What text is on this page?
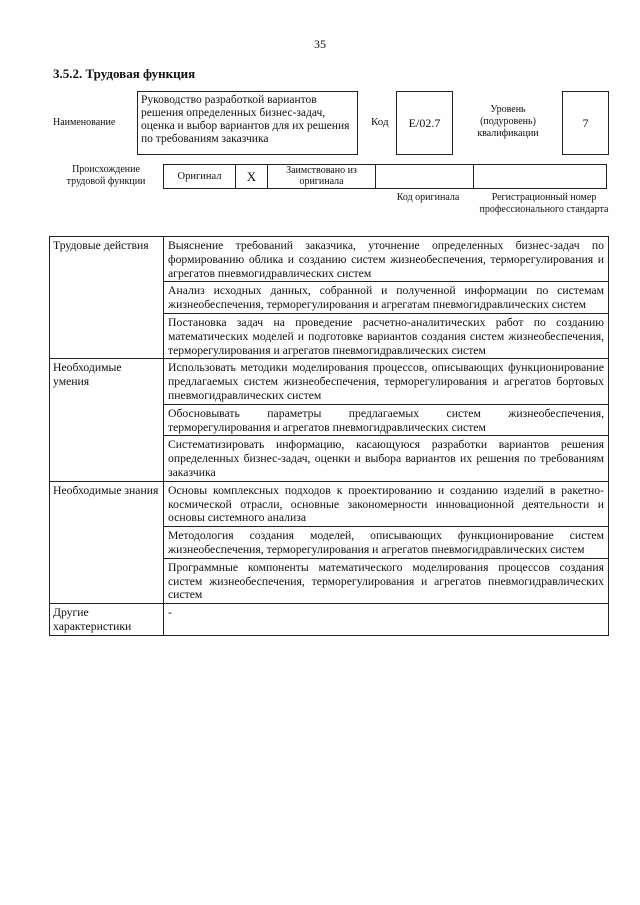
35
3.5.2. Трудовая функция
Наименование
Руководство разработкой вариантов решения определенных бизнес-задач, оценка и выбор вариантов для их решения по требованиям заказчика
Код E/02.7
Уровень (подуровень) квалификации
7
Происхождение трудовой функции	Оригинал X	Заимствовано из оригинала
Код оригинала	Регистрационный номер профессионального стандарта
Трудовые действия	Выяснение требований заказчика, уточнение определенных бизнес-задач по формированию облика и созданию систем жизнеобеспечения, терморегулирования и агрегатов пневмогидравлических систем
	Анализ исходных данных, собранной и полученной информации по системам жизнеобеспечения, терморегулирования и агрегатам пневмогидравлических систем
	Постановка задач на проведение расчетно-аналитических работ по созданию математических моделей и подготовке вариантов создания систем жизнеобеспечения, терморегулирования и агрегатов пневмогидравлических систем
Необходимые умения	Использовать методики моделирования процессов, описывающих функционирование предлагаемых систем жизнеобеспечения, терморегулирования и агрегатов бортовых пневмогидравлических систем
	Обосновывать параметры предлагаемых систем жизнеобеспечения, терморегулирования и агрегатов пневмогидравлических систем
	Систематизировать информацию, касающуюся разработки вариантов решения определенных бизнес-задач, оценки и выбора вариантов их решения по требованиям заказчика
Необходимые знания	Основы комплексных подходов к проектированию и созданию изделий в ракетно-космической отрасли, основные закономерности инновационной деятельности и основы системного анализа
	Методология создания моделей, описывающих функционирование систем жизнеобеспечения, терморегулирования и агрегатов пневмогидравлических систем
	Программные компоненты математического моделирования процессов создания систем жизнеобеспечения, терморегулирования и агрегатов пневмогидравлических систем
Другие характеристики	-
